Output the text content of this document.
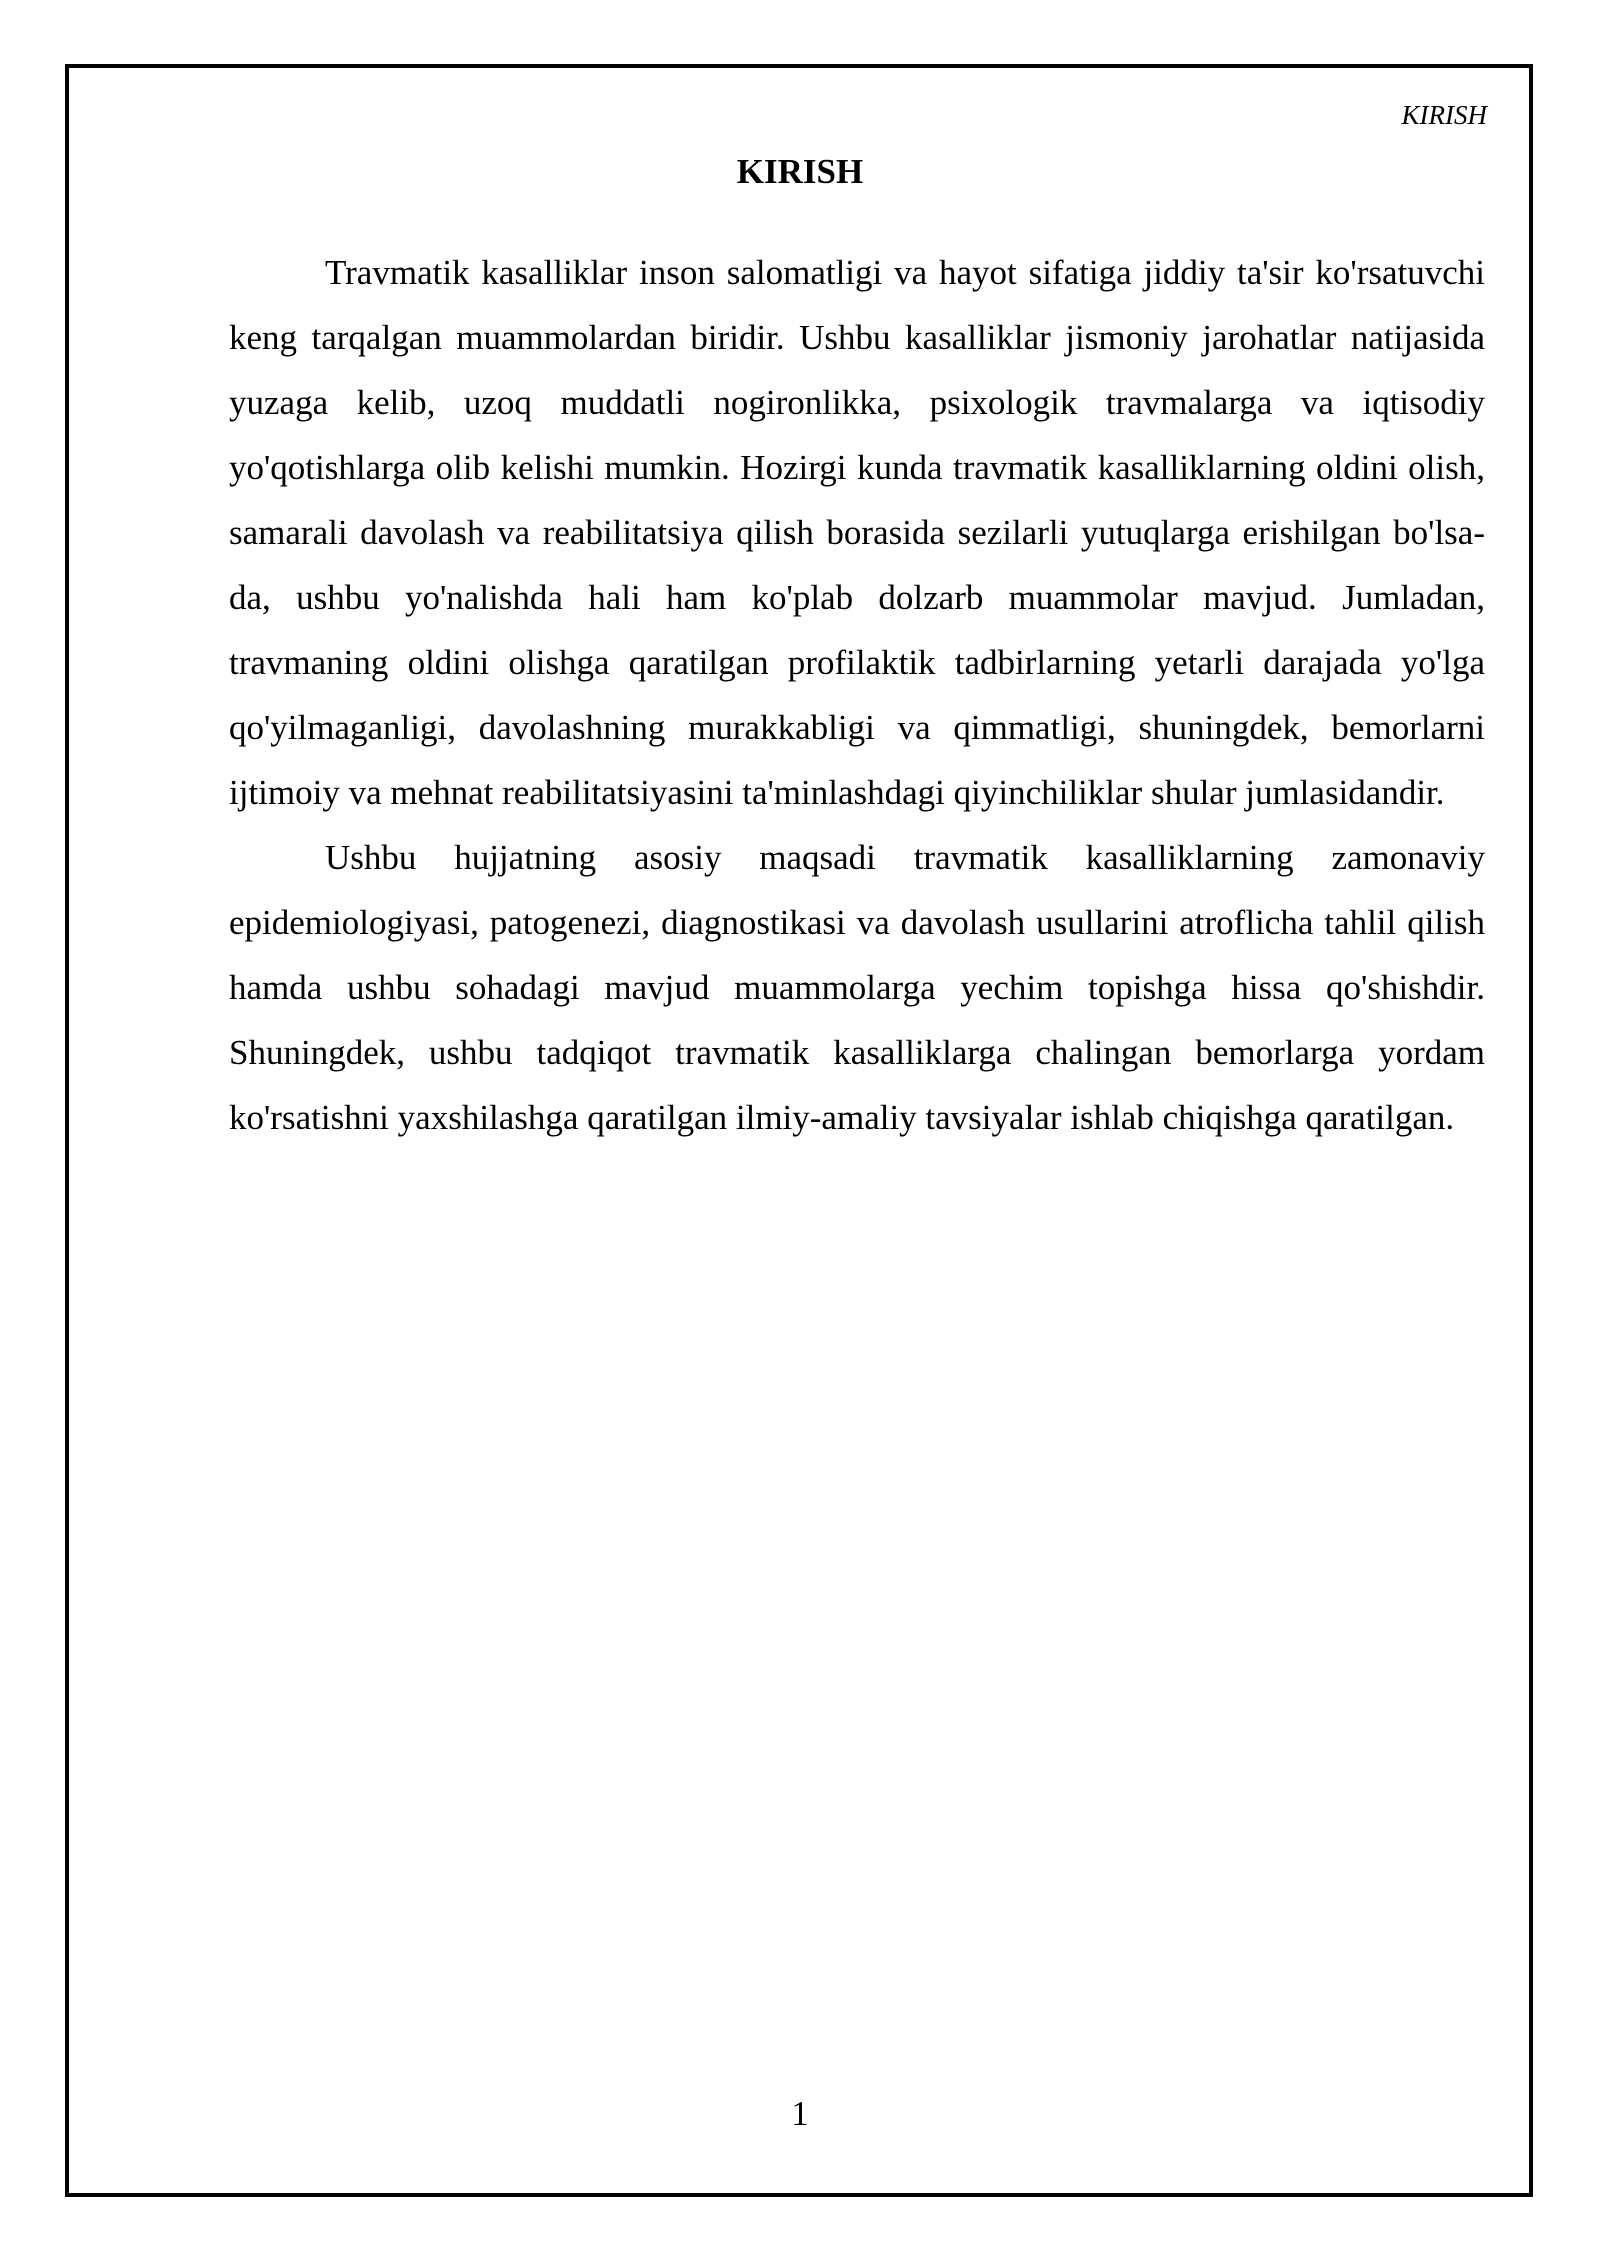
KIRISH
KIRISH

Travmatik kasalliklar inson salomatligi va hayot sifatiga jiddiy ta'sir ko'rsatuvchi keng tarqalgan muammolardan biridir. Ushbu kasalliklar jismoniy jarohatlar natijasida yuzaga kelib, uzoq muddatli nogironlikka, psixologik travmalarga va iqtisodiy yo'qotishlarga olib kelishi mumkin. Hozirgi kunda travmatik kasalliklarning oldini olish, samarali davolash va reabilitatsiya qilish borasida sezilarli yutuqlarga erishilgan bo'lsa-da, ushbu yo'nalishda hali ham ko'plab dolzarb muammolar mavjud. Jumladan, travmaning oldini olishga qaratilgan profilaktik tadbirlarning yetarli darajada yo'lga qo'yilmaganligi, davolashning murakkabligi va qimmatligi, shuningdek, bemorlarni ijtimoiy va mehnat reabilitatsiyasini ta'minlashdagi qiyinchiliklar shular jumlasidandir.

Ushbu hujjatning asosiy maqsadi travmatik kasalliklarning zamonaviy epidemiologiyasi, patogenezi, diagnostikasi va davolash usullarini atroflicha tahlil qilish hamda ushbu sohadagi mavjud muammolarga yechim topishga hissa qo'shishdir. Shuningdek, ushbu tadqiqot travmatik kasalliklarga chalingan bemorlarga yordam ko'rsatishni yaxshilashga qaratilgan ilmiy-amaliy tavsiyalar ishlab chiqishga qaratilgan.

1
